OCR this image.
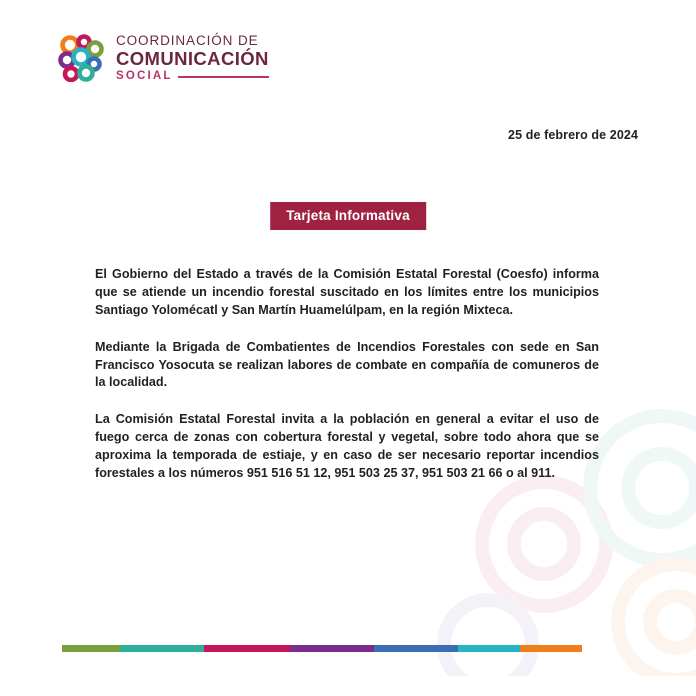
COORDINACIÓN DE
COMUNICACIÓN
SOCIAL
25 de febrero de 2024
Tarjeta Informativa

El Gobierno del Estado a través de la Comisión Estatal Forestal (Coesfo) informa que se atiende un incendio forestal suscitado en los límites entre los municipios Santiago Yolomécatl y San Martín Huamelúlpam, en la región Mixteca.

Mediante la Brigada de Combatientes de Incendios Forestales con sede en San Francisco Yosocuta se realizan labores de combate en compañía de comuneros de la localidad.

La Comisión Estatal Forestal invita a la población en general a evitar el uso de fuego cerca de zonas con cobertura forestal y vegetal, sobre todo ahora que se aproxima la temporada de estiaje, y en caso de ser necesario reportar incendios forestales a los números 951 516 51 12, 951 503 25 37, 951 503 21 66 o al 911.
